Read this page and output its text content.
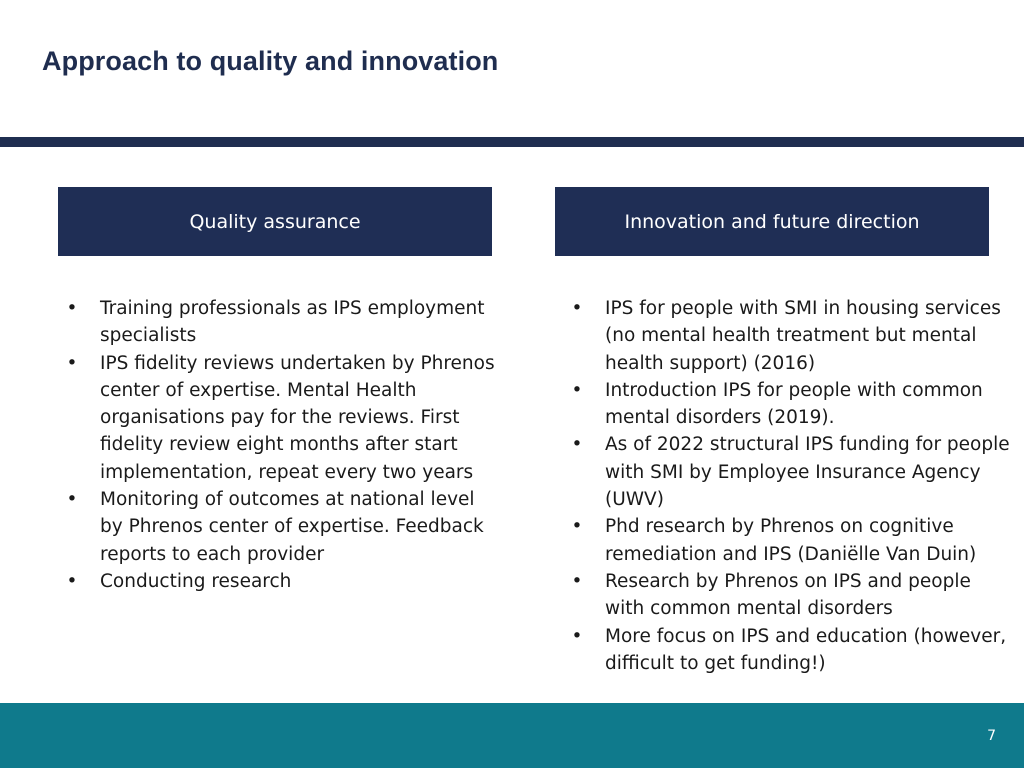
Approach to quality and innovation
Quality assurance	Innovation and future direction
• Training professionals as IPS employment specialists
• IPS fidelity reviews undertaken by Phrenos center of expertise. Mental Health organisations pay for the reviews. First fidelity review eight months after start implementation, repeat every two years
• Monitoring of outcomes at national level by Phrenos center of expertise. Feedback reports to each provider
• Conducting research
• IPS for people with SMI in housing services (no mental health treatment but mental health support) (2016)
• Introduction IPS for people with common mental disorders (2019).
• As of 2022 structural IPS funding for people with SMI by Employee Insurance Agency (UWV)
• Phd research by Phrenos on cognitive remediation and IPS (Daniëlle Van Duin)
• Research by Phrenos on IPS and people with common mental disorders
• More focus on IPS and education (however, difficult to get funding!)
7
